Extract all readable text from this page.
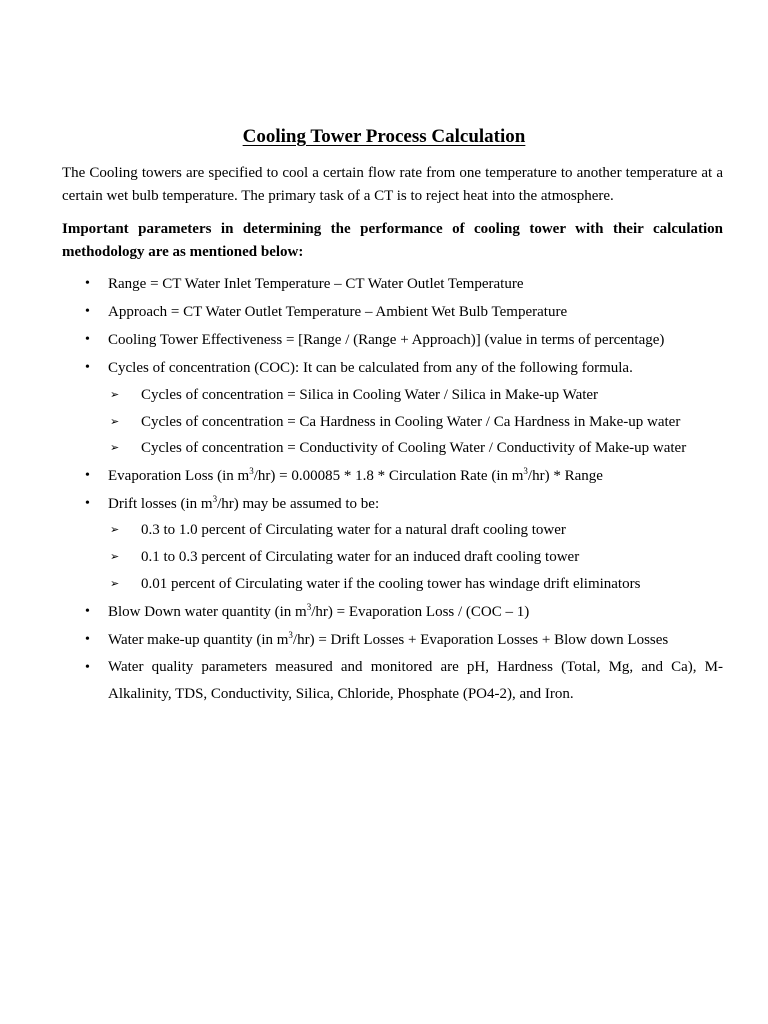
Cooling Tower Process Calculation

The Cooling towers are specified to cool a certain flow rate from one temperature to another temperature at a certain wet bulb temperature. The primary task of a CT is to reject heat into the atmosphere.

Important parameters in determining the performance of cooling tower with their calculation methodology are as mentioned below:

• Range = CT Water Inlet Temperature – CT Water Outlet Temperature
• Approach = CT Water Outlet Temperature – Ambient Wet Bulb Temperature
• Cooling Tower Effectiveness = [Range / (Range + Approach)] (value in terms of percentage)
• Cycles of concentration (COC): It can be calculated from any of the following formula.
➢ Cycles of concentration = Silica in Cooling Water / Silica in Make-up Water
➢ Cycles of concentration = Ca Hardness in Cooling Water / Ca Hardness in Make-up water
➢ Cycles of concentration = Conductivity of Cooling Water / Conductivity of Make-up water
• Evaporation Loss (in $m^3/hr) = 0.00085 * 1.8$ * Circulation Rate (in $m^3/hr$) * Range
• Drift losses (in $m^3/hr$) may be assumed to be:
➢ 0.3 to 1.0 percent of Circulating water for a natural draft cooling tower
➢ 0.1 to 0.3 percent of Circulating water for an induced draft cooling tower
➢ 0.01 percent of Circulating water if the cooling tower has windage drift eliminators
• Blow Down water quantity (in $m^3/hr$) = Evaporation Loss / (COC – 1)
• Water make-up quantity (in $m^3/hr$) = Drift Losses + Evaporation Losses + Blow down Losses
• Water quality parameters measured and monitored are pH, Hardness (Total, Mg, and Ca), M-Alkalinity, TDS, Conductivity, Silica, Chloride, Phosphate (PO4-2), and Iron.
